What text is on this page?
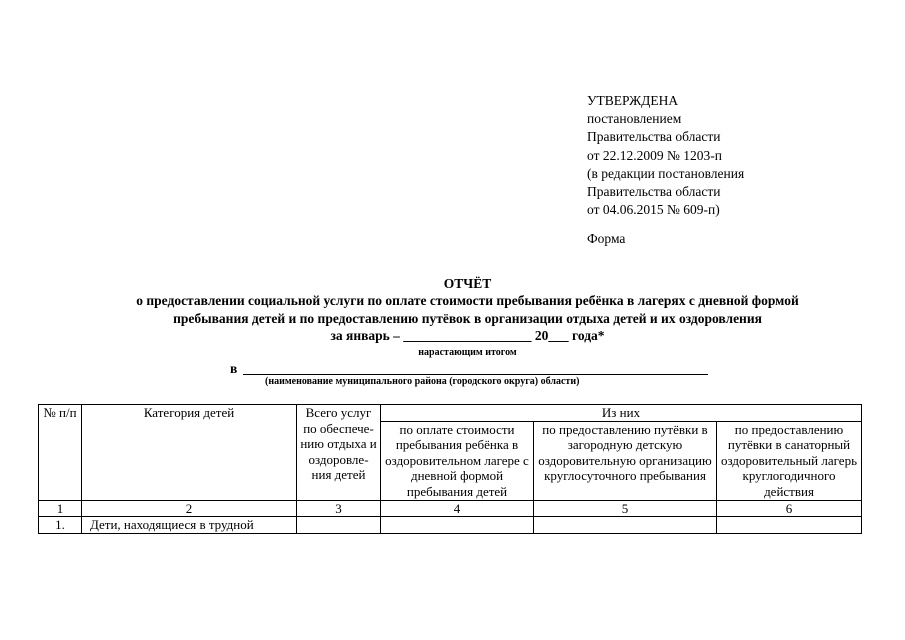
УТВЕРЖДЕНА
постановлением
Правительства области
от 22.12.2009 № 1203-п
(в редакции постановления
Правительства области
от 04.06.2015 № 609-п)
Форма
ОТЧЁТ
о предоставлении социальной услуги по оплате стоимости пребывания ребёнка в лагерях с дневной формой
пребывания детей и по предоставлению путёвок в организации отдыха детей и их оздоровления
за январь – ___________________ 20___ года*
нарастающим итогом
в
(наименование муниципального района (городского округа) области)
№ п/п	Категория детей	Всего услуг по обеспече-нию отдыха и оздоровле-ния детей	Из них		
			по оплате стоимости пребывания ребёнка в оздоровительном лагере с дневной формой пребывания детей	по предоставлению путёвки в загородную детскую оздоровительную организацию круглосуточного пребывания	по предоставлению путёвки в санаторный оздоровительный лагерь круглогодичного действия
1	2	3	4	5	6
1.	Дети, находящиеся в трудной				
